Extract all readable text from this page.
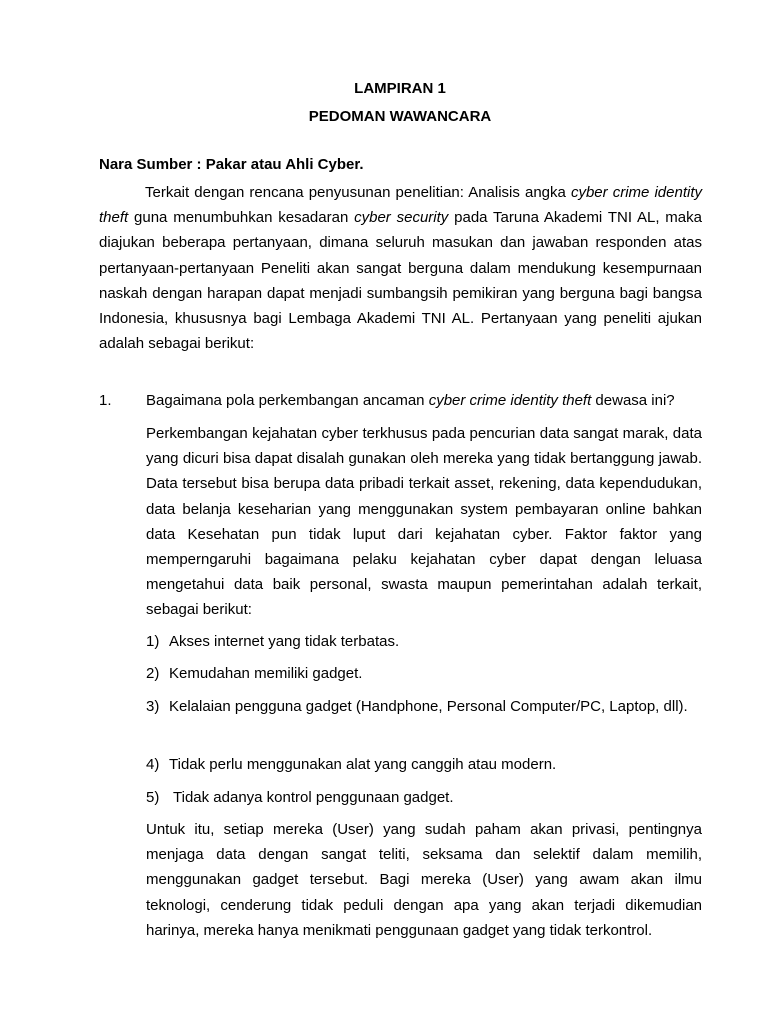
LAMPIRAN 1
PEDOMAN WAWANCARA
Nara Sumber : Pakar atau Ahli Cyber.

Terkait dengan rencana penyusunan penelitian: Analisis angka cyber crime identity theft guna menumbuhkan kesadaran cyber security pada Taruna Akademi TNI AL, maka diajukan beberapa pertanyaan, dimana seluruh masukan dan jawaban responden atas pertanyaan-pertanyaan Peneliti akan sangat berguna dalam mendukung kesempurnaan naskah dengan harapan dapat menjadi sumbangsih pemikiran yang berguna bagi bangsa Indonesia, khususnya bagi Lembaga Akademi TNI AL. Pertanyaan yang peneliti ajukan adalah sebagai berikut:

1. Bagaimana pola perkembangan ancaman cyber crime identity theft dewasa ini?

Perkembangan kejahatan cyber terkhusus pada pencurian data sangat marak, data yang dicuri bisa dapat disalah gunakan oleh mereka yang tidak bertanggung jawab. Data tersebut bisa berupa data pribadi terkait asset, rekening, data kependudukan, data belanja keseharian yang menggunakan system pembayaran online bahkan data Kesehatan pun tidak luput dari kejahatan cyber. Faktor faktor yang memperngaruhi bagaimana pelaku kejahatan cyber dapat dengan leluasa mengetahui data baik personal, swasta maupun pemerintahan adalah terkait, sebagai berikut:

1) Akses internet yang tidak terbatas.
2) Kemudahan memiliki gadget.
3) Kelalaian pengguna gadget (Handphone, Personal Computer/PC, Laptop, dll).
4) Tidak perlu menggunakan alat yang canggih atau modern.
5) Tidak adanya kontrol penggunaan gadget.

Untuk itu, setiap mereka (User) yang sudah paham akan privasi, pentingnya menjaga data dengan sangat teliti, seksama dan selektif dalam memilih, menggunakan gadget tersebut. Bagi mereka (User) yang awam akan ilmu teknologi, cenderung tidak peduli dengan apa yang akan terjadi dikemudian harinya, mereka hanya menikmati penggunaan gadget yang tidak terkontrol.
